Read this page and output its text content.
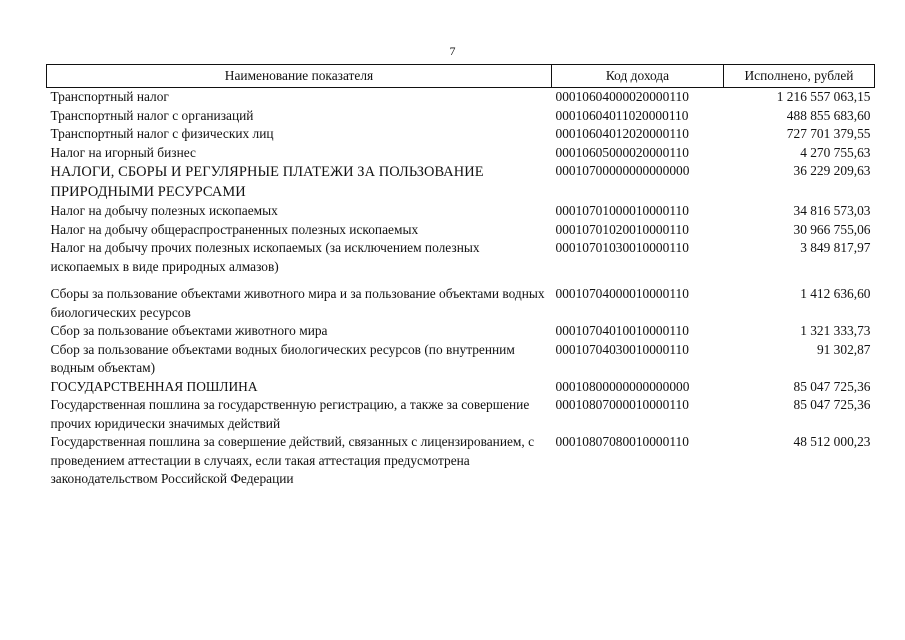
7
Наименование показателя	Код дохода	Исполнено, рублей
Транспортный налог	00010604000020000110	1 216 557 063,15
Транспортный налог с организаций	00010604011020000110	488 855 683,60
Транспортный налог с физических лиц	00010604012020000110	727 701 379,55
Налог на игорный бизнес	00010605000020000110	4 270 755,63
НАЛОГИ, СБОРЫ И РЕГУЛЯРНЫЕ ПЛАТЕЖИ ЗА ПОЛЬЗОВАНИЕ ПРИРОДНЫМИ РЕСУРСАМИ	00010700000000000000	36 229 209,63
Налог на добычу полезных ископаемых	00010701000010000110	34 816 573,03
Налог на добычу общераспространенных полезных ископаемых	00010701020010000110	30 966 755,06
Налог на добычу прочих полезных ископаемых (за исключением полезных ископаемых в виде природных алмазов)	00010701030010000110	3 849 817,97
Сборы за пользование объектами животного мира и за пользование объектами водных биологических ресурсов	00010704000010000110	1 412 636,60
Сбор за пользование объектами животного мира	00010704010010000110	1 321 333,73
Сбор за пользование объектами водных биологических ресурсов (по внутренним водным объектам)	00010704030010000110	91 302,87
ГОСУДАРСТВЕННАЯ ПОШЛИНА	00010800000000000000	85 047 725,36
Государственная пошлина за государственную регистрацию, а также за совершение прочих юридически значимых действий	00010807000010000110	85 047 725,36
Государственная пошлина за совершение действий, связанных с лицензированием, с проведением аттестации в случаях, если такая аттестация предусмотрена законодательством Российской Федерации	00010807080010000110	48 512 000,23
